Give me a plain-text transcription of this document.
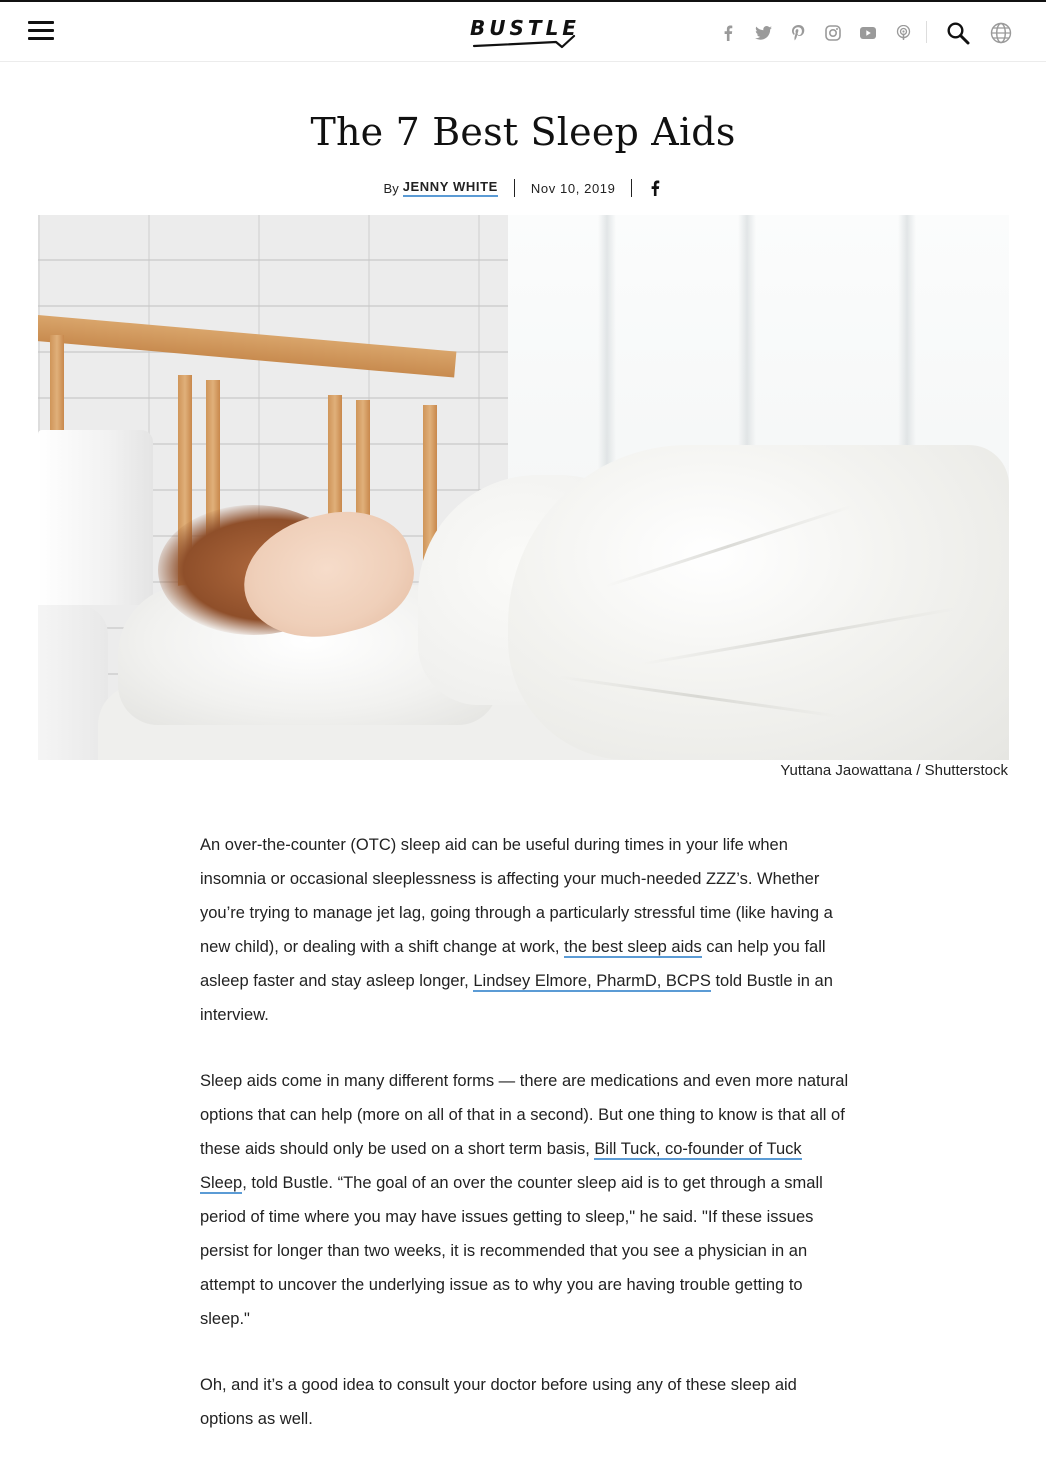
BUSTLE
The 7 Best Sleep Aids
By JENNY WHITE	Nov 10, 2019
Yuttana Jaowattana / Shutterstock

An over-the-counter (OTC) sleep aid can be useful during times in your life when insomnia or occasional sleeplessness is affecting your much-needed ZZZ’s. Whether you’re trying to manage jet lag, going through a particularly stressful time (like having a new child), or dealing with a shift change at work, the best sleep aids can help you fall asleep faster and stay asleep longer, Lindsey Elmore, PharmD, BCPS told Bustle in an interview.

Sleep aids come in many different forms — there are medications and even more natural options that can help (more on all of that in a second). But one thing to know is that all of these aids should only be used on a short term basis, Bill Tuck, co-founder of Tuck Sleep, told Bustle. “The goal of an over the counter sleep aid is to get through a small period of time where you may have issues getting to sleep," he said. "If these issues persist for longer than two weeks, it is recommended that you see a physician in an attempt to uncover the underlying issue as to why you are having trouble getting to sleep."

Oh, and it’s a good idea to consult your doctor before using any of these sleep aid options as well.
